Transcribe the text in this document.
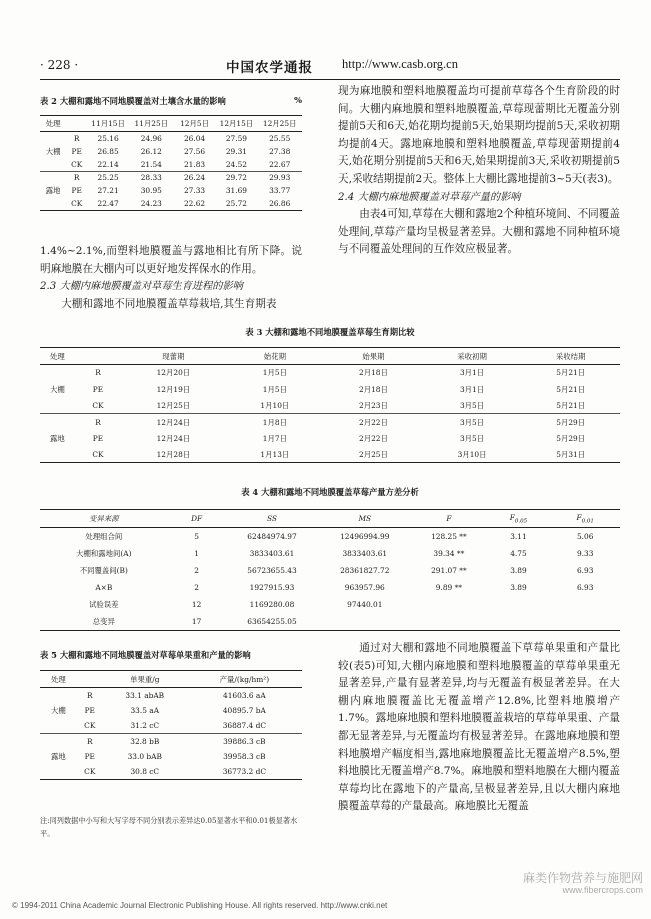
· 228 ·	中国农学通报 http://www.casb.org.cn
表 2 大棚和露地不同地膜覆盖对土壤含水量的影响	%
处理		11月15日	11月25日	12月5日	12月15日	12月25日
大棚	R	25.16	24.96	26.04	27.59	25.55
	PE	26.85	26.12	27.56	29.31	27.38
	CK	22.14	21.54	21.83	24.52	22.67
露地	R	25.25	28.33	26.24	29.72	29.93
	PE	27.21	30.95	27.33	31.69	33.77
	CK	22.47	24.23	22.62	25.72	26.86
1.4%~2.1%,而塑料地膜覆盖与露地相比有所下降。说明麻地膜在大棚内可以更好地发挥保水的作用。
2.3 大棚内麻地膜覆盖对草莓生育进程的影响

大棚和露地不同地膜覆盖草莓栽培,其生育期表

现为麻地膜和塑料地膜覆盖均可提前草莓各个生育阶段的时间。大棚内麻地膜和塑料地膜覆盖,草莓现蕾期比无覆盖分别提前5天和6天,始花期均提前5天,始果期均提前5天,采收初期均提前4天。露地麻地膜和塑料地膜覆盖,草莓现蕾期提前4天,始花期分别提前5天和6天,始果期提前3天,采收初期提前5天,采收结期提前2天。整体上大棚比露地提前3~5天(表3)。
2.4 大棚内麻地膜覆盖对草莓产量的影响

由表4可知,草莓在大棚和露地2个种植环境间、不同覆盖处理间,草莓产量均呈极显著差异。大棚和露地不同种植环境与不同覆盖处理间的互作效应极显著。

表 3 大棚和露地不同地膜覆盖草莓生育期比较
处理		现蕾期	始花期	始果期	采收初期	采收结期
大棚	R	12月20日	1月5日	2月18日	3月1日	5月21日
	PE	12月19日	1月5日	2月18日	3月1日	5月21日
	CK	12月25日	1月10日	2月23日	3月5日	5月21日
露地	R	12月24日	1月8日	2月22日	3月5日	5月29日
	PE	12月24日	1月7日	2月22日	3月5日	5月29日
	CK	12月28日	1月13日	2月25日	3月10日	5月31日
表 4 大棚和露地不同地膜覆盖草莓产量方差分析
变异来源	DF	SS	MS	F	$F_{0.05}$	$F_{0.01}$
处理组合间	5	62484974.97	12496994.99	128.25 **	3.11	5.06
大棚和露地间(A)	1	3833403.61	3833403.61	39.34 **	4.75	9.33
不同覆盖间(B)	2	56723655.43	28361827.72	291.07 **	3.89	6.93
A×B	2	1927915.93	963957.96	9.89 **	3.89	6.93
试验误差	12	1169280.08	97440.01			
总变异	17	63654255.05				
表 5 大棚和露地不同地膜覆盖对草莓单果重和产量的影响
处理		单果重/g	产量/(kg/hm²)
大棚	R	33.1 abAB	41603.6 aA
	PE	33.5 aA	40895.7 bA
	CK	31.2 cC	36887.4 dC
露地	R	32.8 bB	39886.3 cB
	PE	33.0 bAB	39958.3 cB
	CK	30.8 cC	36773.2 dC
注:同列数据中小写和大写字母不同分别表示差异达0.05显著水平和0.01极显著水平。

通过对大棚和露地不同地膜覆盖下草莓单果重和产量比较(表5)可知,大棚内麻地膜和塑料地膜覆盖的草莓单果重无显著差异,产量有显著差异,均与无覆盖有极显著差异。在大棚内麻地膜覆盖比无覆盖增产12.8%,比塑料地膜增产1.7%。露地麻地膜和塑料地膜覆盖栽培的草莓单果重、产量都无显著差异,与无覆盖均有极显著差异。在露地麻地膜和塑料地膜增产幅度相当,露地麻地膜覆盖比无覆盖增产8.5%,塑料地膜比无覆盖增产8.7%。麻地膜和塑料地膜在大棚内覆盖草莓均比在露地下的产量高,呈极显著差异,且以大棚内麻地膜覆盖草莓的产量最高。麻地膜比无覆盖

© 1994-2011 China Academic Journal Electronic Publishing House. All rights reserved. http://www.cnki.net
麻类作物营养与施肥网
www.fibercrops.com
